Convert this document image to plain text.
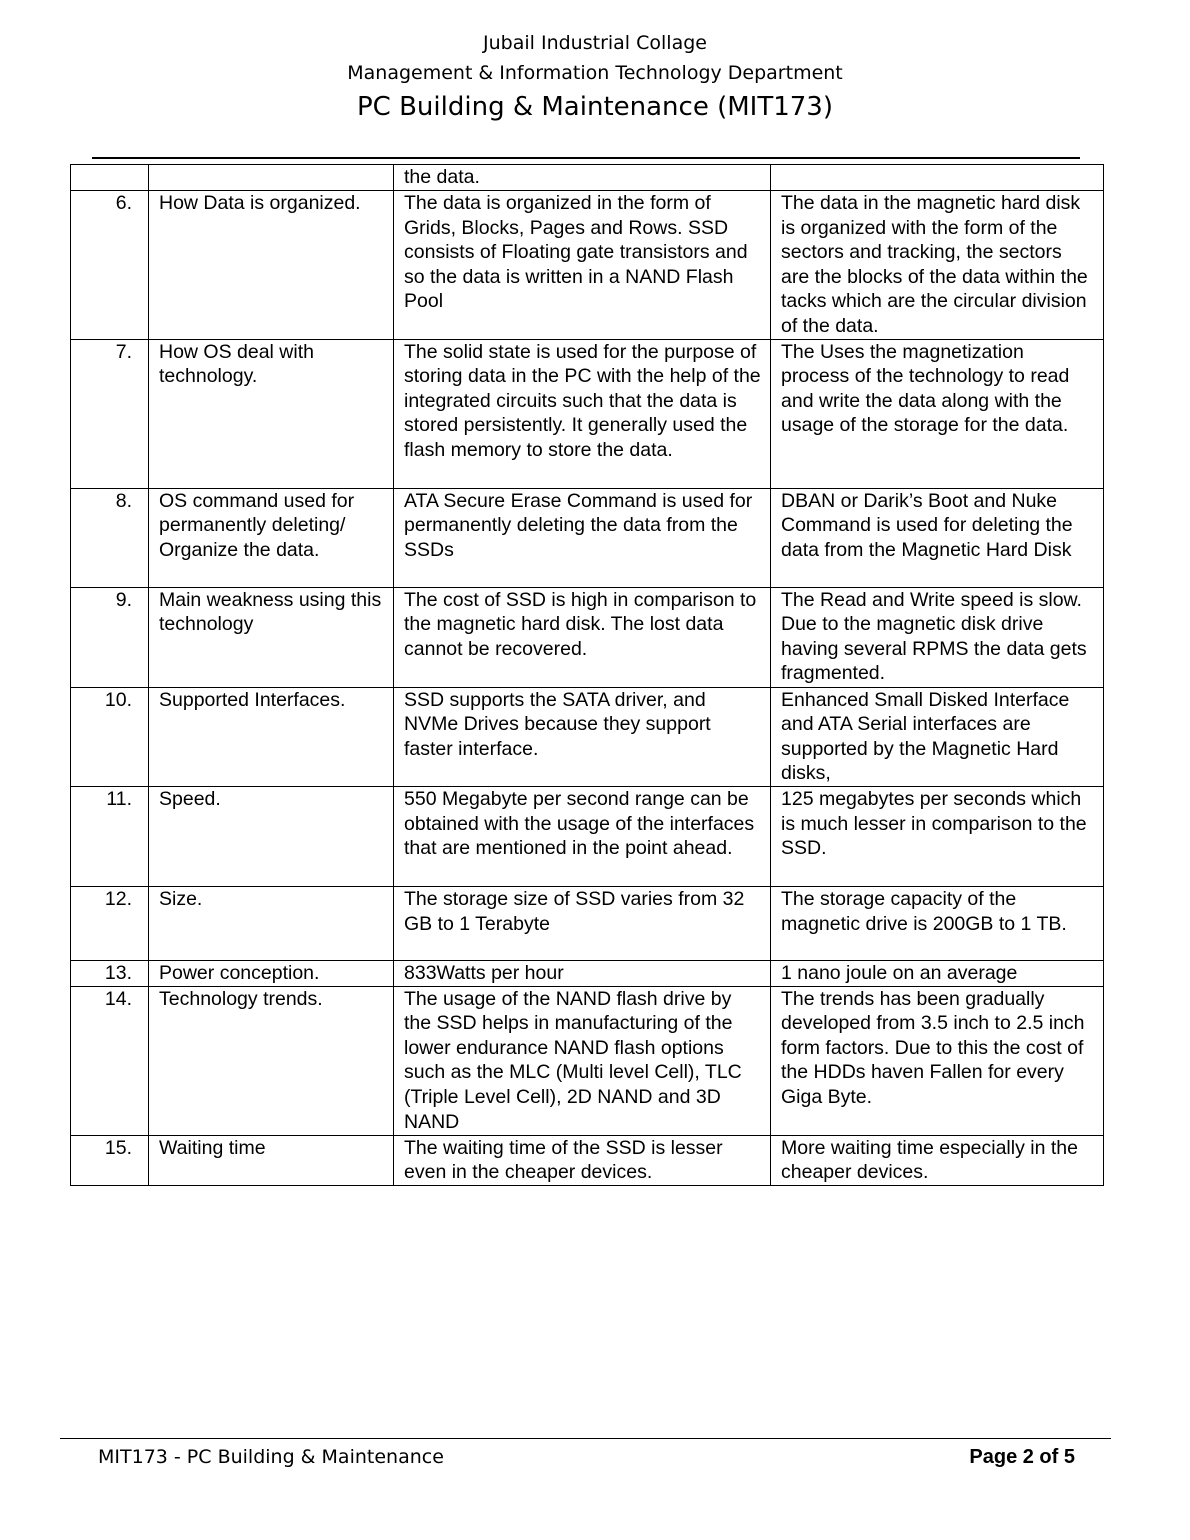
Jubail Industrial Collage
Management & Information Technology Department
PC Building & Maintenance (MIT173)
		the data.	
6.	How Data is organized.	The data is organized in the form of Grids, Blocks, Pages and Rows. SSD consists of Floating gate transistors and so the data is written in a NAND Flash Pool	The data in the magnetic hard disk is organized with the form of the sectors and tracking, the sectors are the blocks of the data within the tacks which are the circular division of the data.
7.	How OS deal with technology.	The solid state is used for the purpose of storing data in the PC with the help of the integrated circuits such that the data is stored persistently. It generally used the flash memory to store the data.	The Uses the magnetization process of the technology to read and write the data along with the usage of the storage for the data.
8.	OS command used for permanently deleting/ Organize the data.	ATA Secure Erase Command is used for permanently deleting the data from the SSDs	DBAN or Darik’s Boot and Nuke Command is used for deleting the data from the Magnetic Hard Disk
9.	Main weakness using this technology	The cost of SSD is high in comparison to the magnetic hard disk. The lost data cannot be recovered.	The Read and Write speed is slow. Due to the magnetic disk drive having several RPMS the data gets fragmented.
10.	Supported Interfaces.	SSD supports the SATA driver, and NVMe Drives because they support faster interface.	Enhanced Small Disked Interface and ATA Serial interfaces are supported by the Magnetic Hard disks,
11.	Speed.	550 Megabyte per second range can be obtained with the usage of the interfaces that are mentioned in the point ahead.	125 megabytes per seconds which is much lesser in comparison to the SSD.
12.	Size.	The storage size of SSD varies from 32 GB to 1 Terabyte	The storage capacity of the magnetic drive is 200GB to 1 TB.
13.	Power conception.	833Watts per hour	1 nano joule on an average
14.	Technology trends.	The usage of the NAND flash drive by the SSD helps in manufacturing of the lower endurance NAND flash options such as the MLC (Multi level Cell), TLC (Triple Level Cell), 2D NAND and 3D NAND	The trends has been gradually developed from 3.5 inch to 2.5 inch form factors. Due to this the cost of the HDDs haven Fallen for every Giga Byte.
15.	Waiting time	The waiting time of the SSD is lesser even in the cheaper devices.	More waiting time especially in the cheaper devices.
MIT173 - PC Building & Maintenance	Page 2 of 5
